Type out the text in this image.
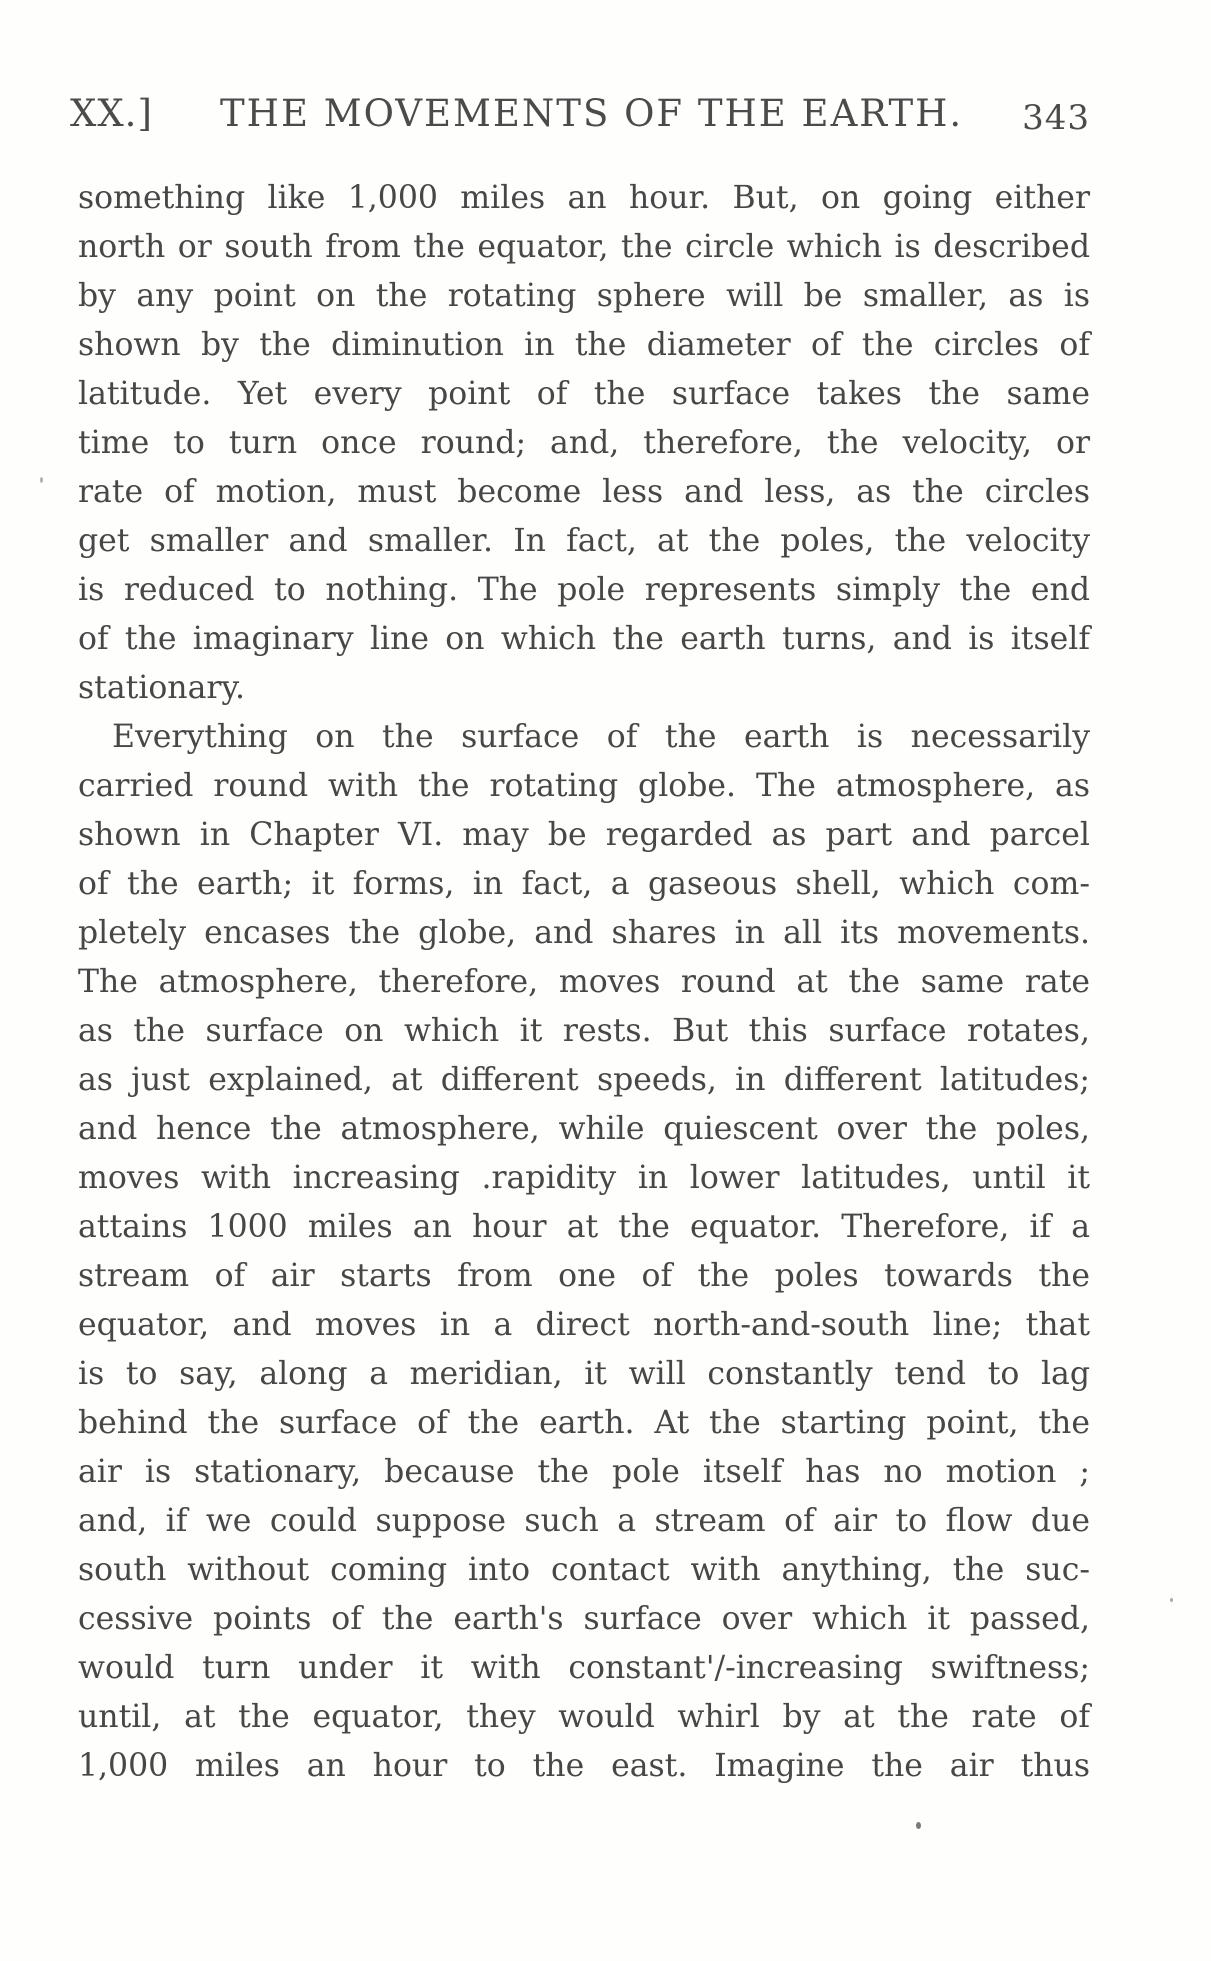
XX.] THE MOVEMENTS OF THE EARTH. 343
something like 1,000 miles an hour. But, on going either
north or south from the equator, the circle which is described
by any point on the rotating sphere will be smaller, as is
shown by the diminution in the diameter of the circles of
latitude. Yet every point of the surface takes the same
time to turn once round; and, therefore, the velocity, or
rate of motion, must become less and less, as the circles
get smaller and smaller. In fact, at the poles, the velocity
is reduced to nothing. The pole represents simply the end
of the imaginary line on which the earth turns, and is itself
stationary.
Everything on the surface of the earth is necessarily
carried round with the rotating globe. The atmosphere, as
shown in Chapter VI. may be regarded as part and parcel
of the earth; it forms, in fact, a gaseous shell, which com-
pletely encases the globe, and shares in all its movements.
The atmosphere, therefore, moves round at the same rate
as the surface on which it rests. But this surface rotates,
as just explained, at different speeds, in different latitudes;
and hence the atmosphere, while quiescent over the poles,
moves with increasing .rapidity in lower latitudes, until it
attains 1000 miles an hour at the equator. Therefore, if a
stream of air starts from one of the poles towards the
equator, and moves in a direct north-and-south line; that
is to say, along a meridian, it will constantly tend to lag
behind the surface of the earth. At the starting point, the
air is stationary, because the pole itself has no motion ;
and, if we could suppose such a stream of air to flow due
south without coming into contact with anything, the suc-
cessive points of the earth's surface over which it passed,
would turn under it with constant'/-increasing swiftness;
until, at the equator, they would whirl by at the rate of
1,000 miles an hour to the east. Imagine the air thus
